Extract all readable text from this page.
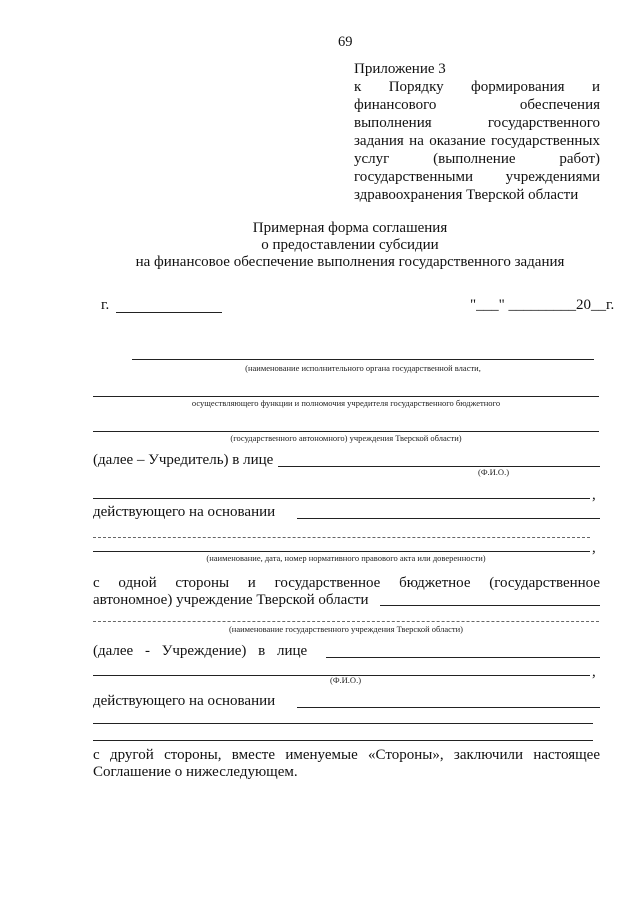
69
Приложение 3
к Порядку формирования и
финансового обеспечения
выполнения государственного
задания на оказание государственных
услуг (выполнение работ)
государственными учреждениями
здравоохранения Тверской области
Примерная форма соглашения
о предоставлении субсидии
на финансовое обеспечение выполнения государственного задания
г.	"___" _________20__г.
(наименование исполнительного органа государственной власти,
осуществляющего функции и полномочия учредителя государственного бюджетного
(государственного автономного) учреждения Тверской области)
(далее – Учредитель) в лице
(Ф.И.О.)
,
действующего на основании
,
(наименование, дата, номер нормативного правового акта или доверенности)
с одной стороны и государственное бюджетное (государственное
автономное) учреждение Тверской области
(наименование государственного учреждения Тверской области)
(далее - Учреждение) в лице
,
(Ф.И.О.)
действующего на основании
с другой стороны, вместе именуемые «Стороны», заключили настоящее
Соглашение о нижеследующем.
